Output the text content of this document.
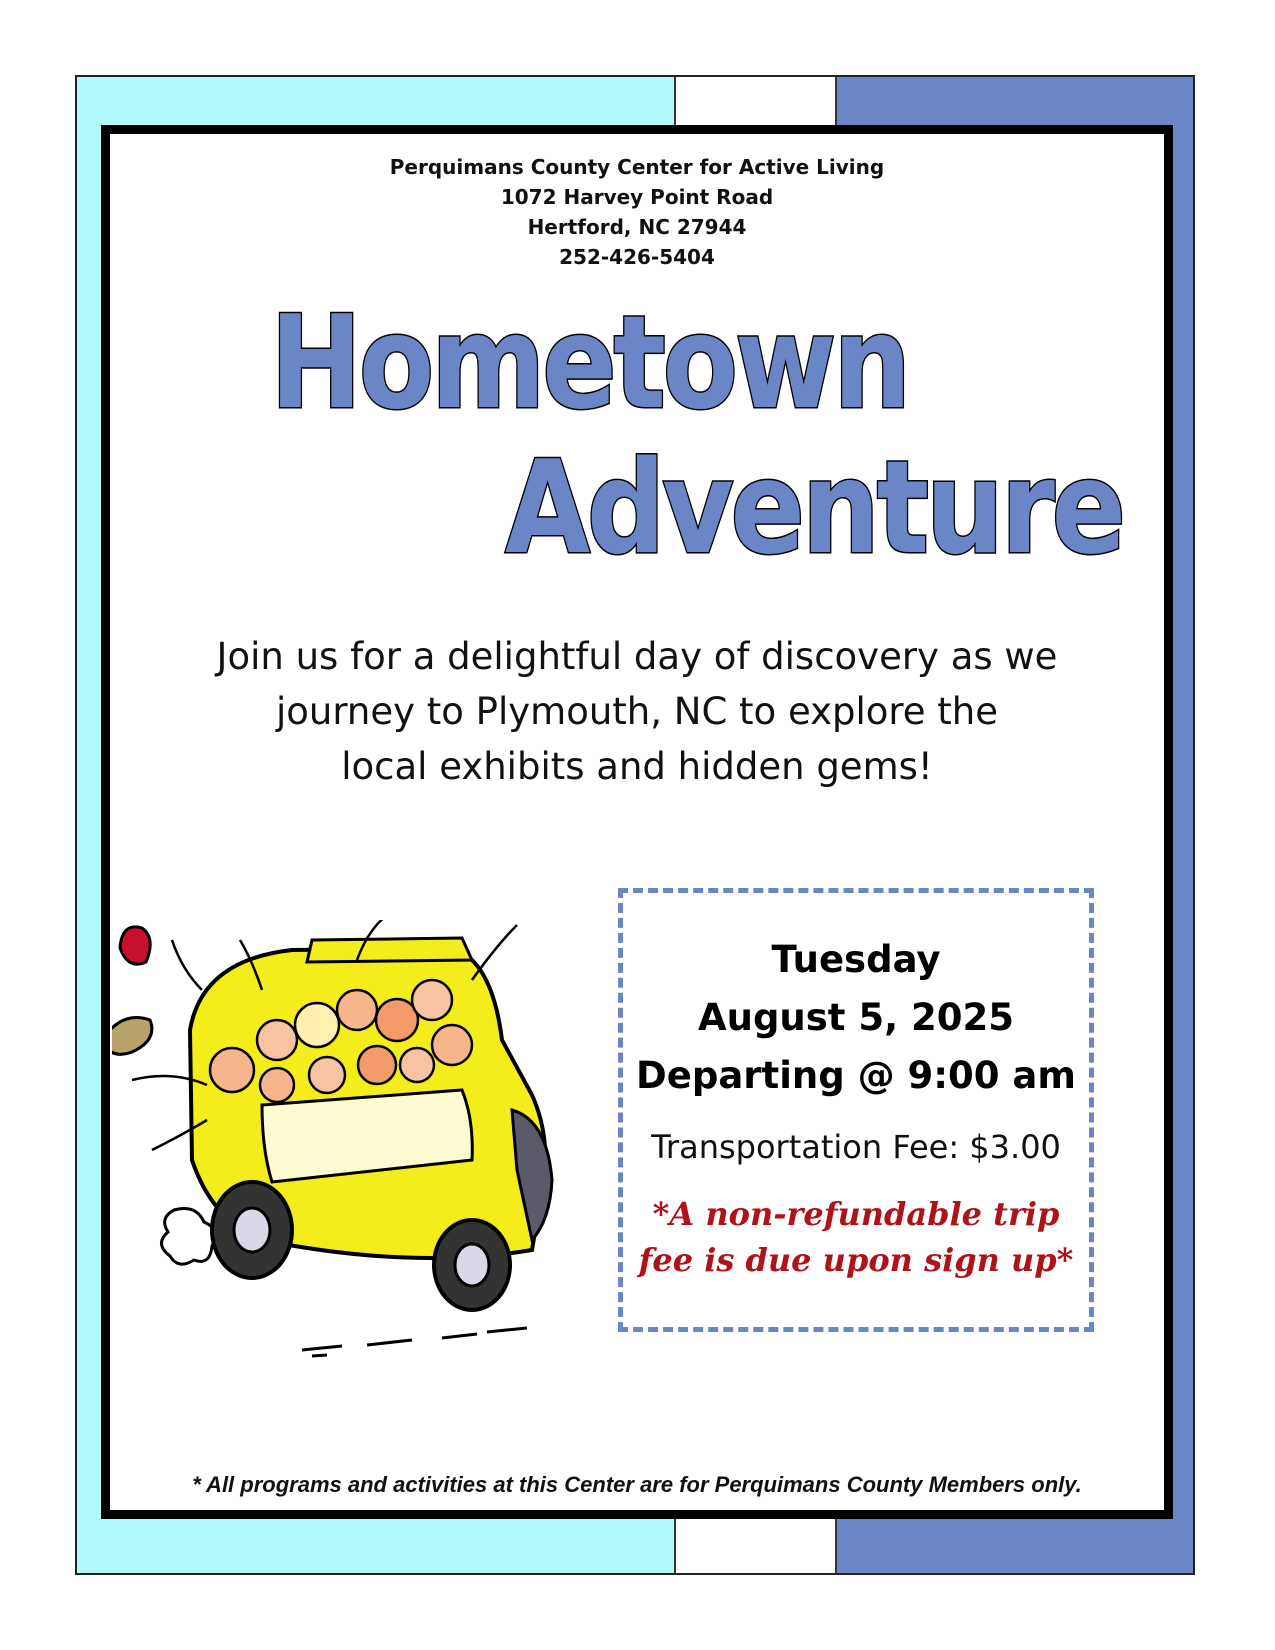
Perquimans County Center for Active Living
1072 Harvey Point Road
Hertford, NC 27944
252-426-5404
Hometown
Adventure
Join us for a delightful day of discovery as we
journey to Plymouth, NC to explore the
local exhibits and hidden gems!
Tuesday
August 5, 2025
Departing @ 9:00 am
Transportation Fee: $3.00
*A non-refundable trip
fee is due upon sign up*
* All programs and activities at this Center are for Perquimans County Members only.
